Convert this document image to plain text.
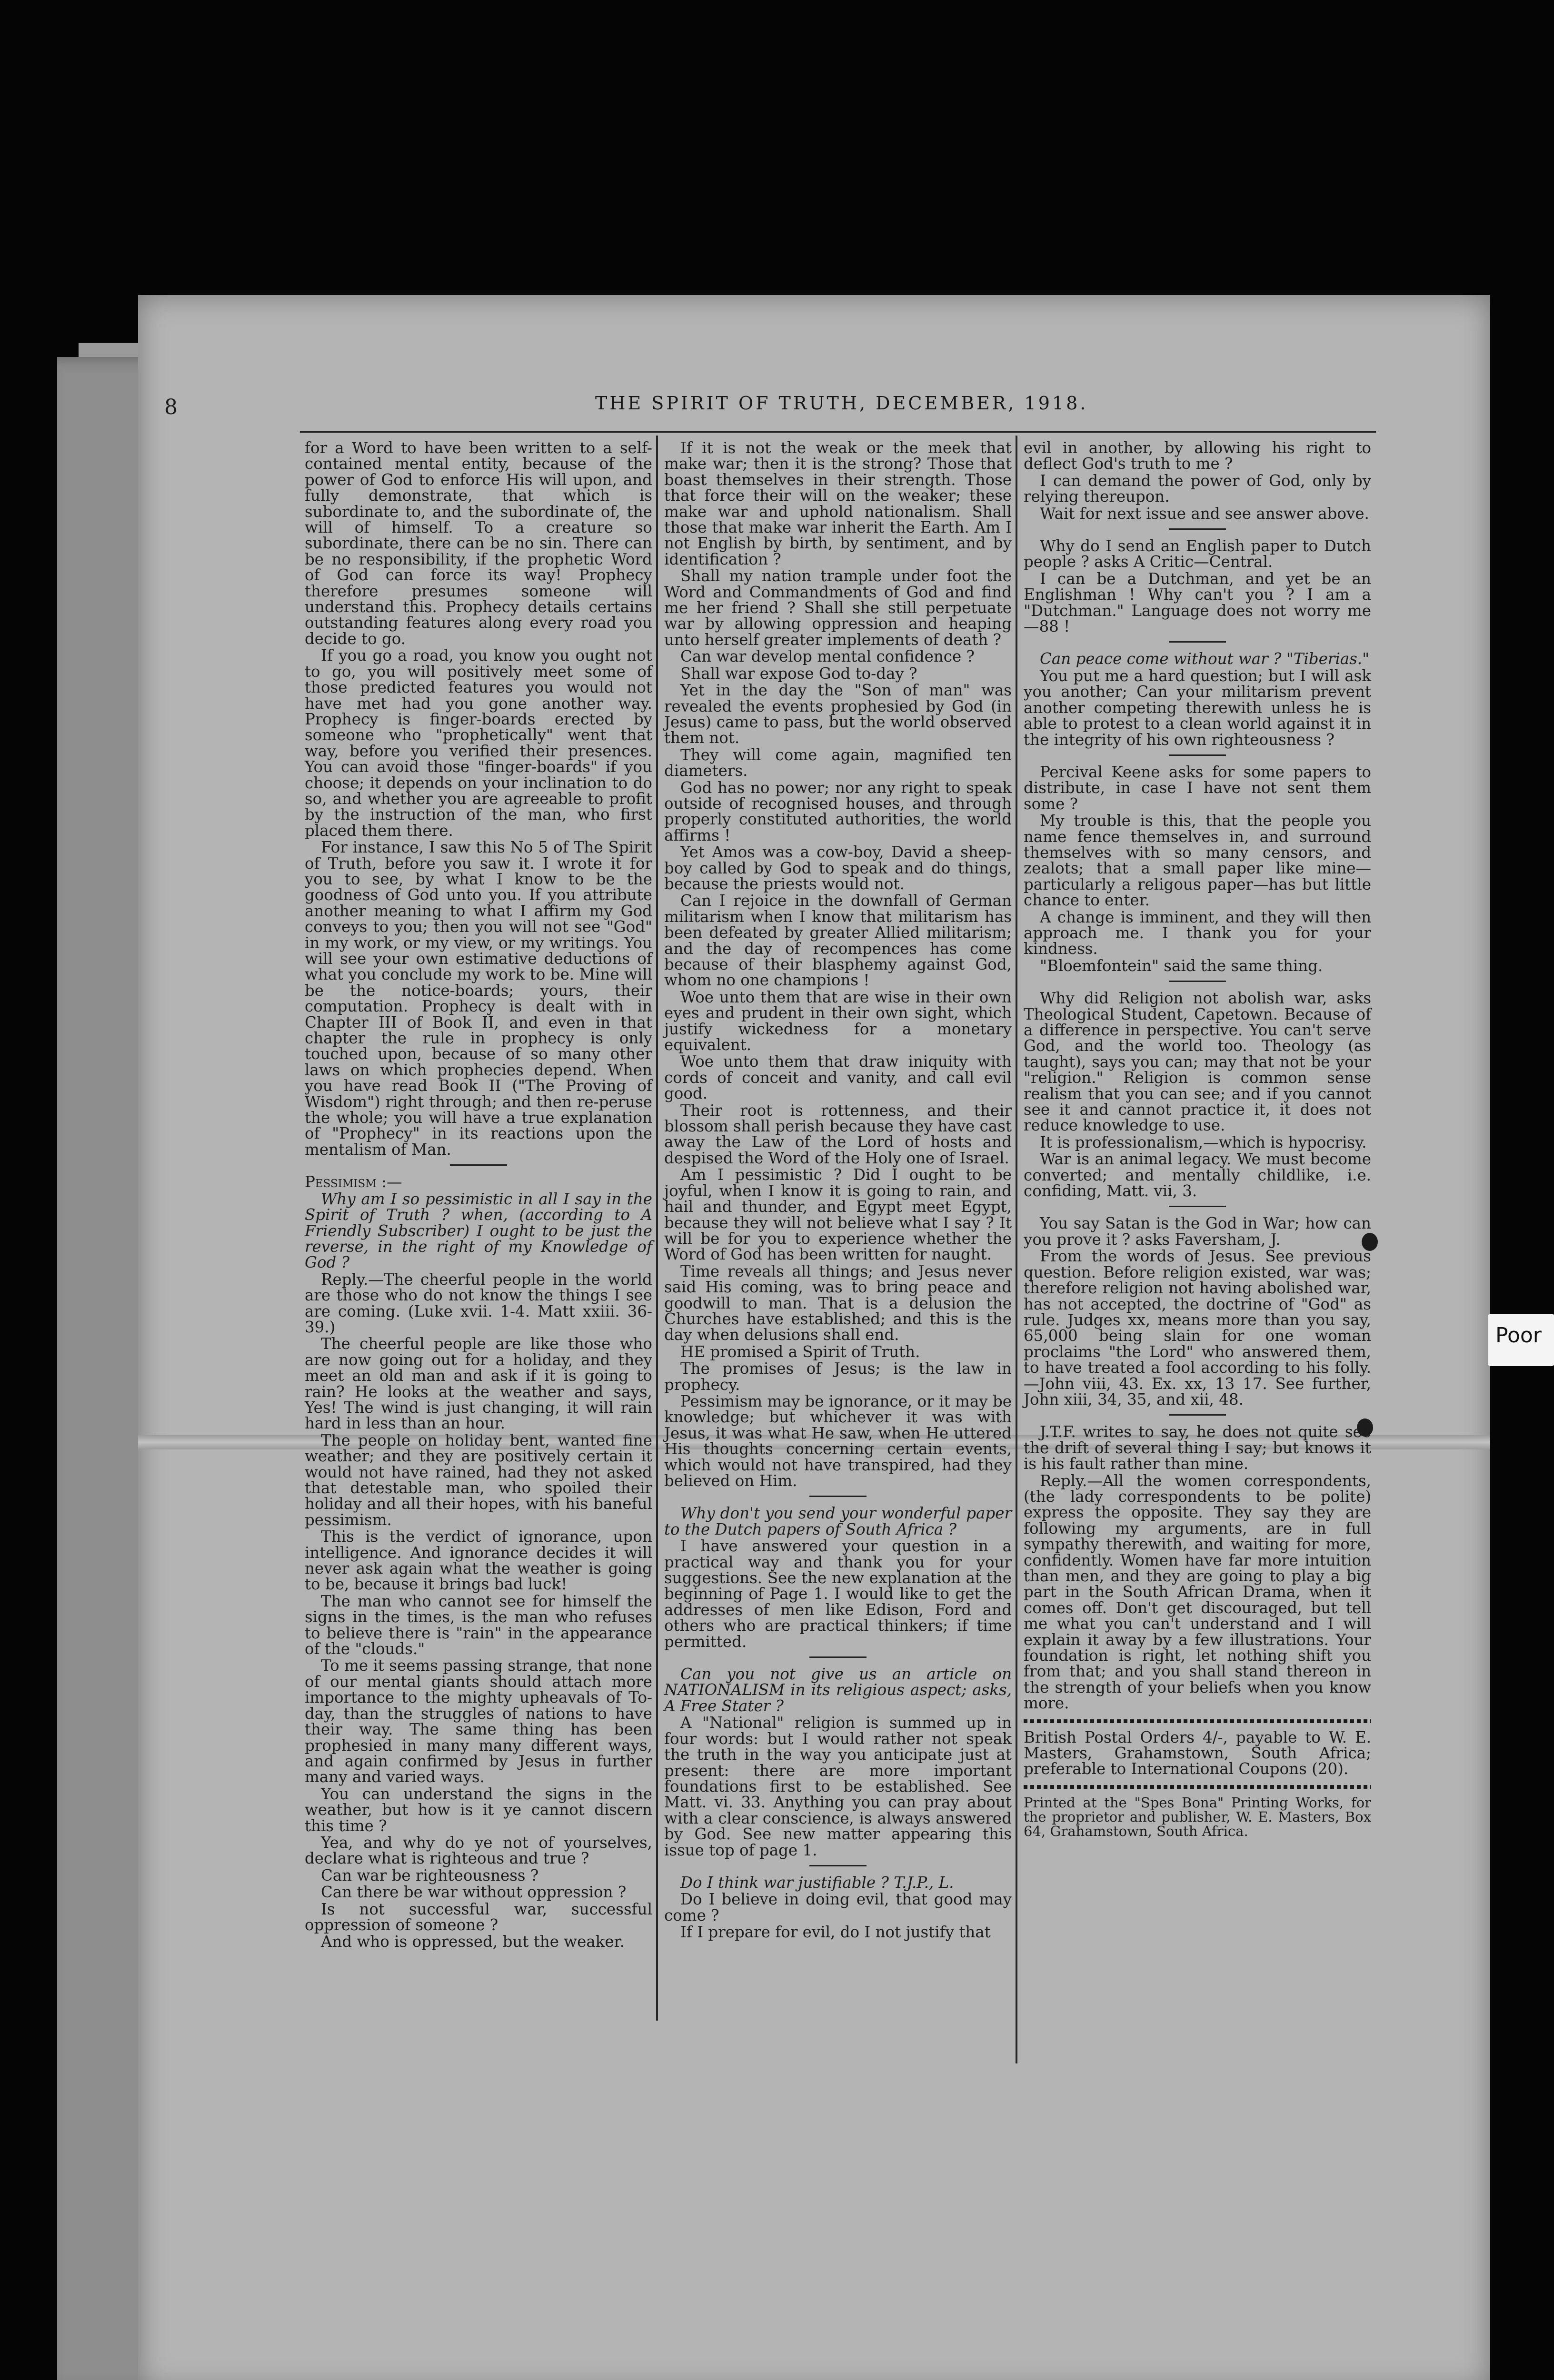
8	THE SPIRIT OF TRUTH, DECEMBER, 1918.

for a Word to have been written to a self-contained mental entity, because of the power of God to enforce His will upon, and fully demonstrate, that which is subordinate to, and the subordinate of, the will of himself. To a creature so subordinate, there can be no sin. There can be no responsibility, if the prophetic Word of God can force its way! Prophecy therefore presumes someone will understand this. Prophecy details certains outstanding features along every road you decide to go.

If you go a road, you know you ought not to go, you will positively meet some of those predicted features you would not have met had you gone another way. Prophecy is finger-boards erected by someone who "prophetically" went that way, before you verified their presences. You can avoid those "finger-boards" if you choose; it depends on your inclination to do so, and whether you are agreeable to profit by the instruction of the man, who first placed them there.

For instance, I saw this No 5 of The Spirit of Truth, before you saw it. I wrote it for you to see, by what I know to be the goodness of God unto you. If you attribute another meaning to what I affirm my God conveys to you; then you will not see "God" in my work, or my view, or my writings. You will see your own estimative deductions of what you conclude my work to be. Mine will be the notice-boards; yours, their computation. Prophecy is dealt with in Chapter III of Book II, and even in that chapter the rule in prophecy is only touched upon, because of so many other laws on which prophecies depend. When you have read Book II ("The Proving of Wisdom") right through; and then re-peruse the whole; you will have a true explanation of "Prophecy" in its reactions upon the mentalism of Man.

Pessimism :—

Why am I so pessimistic in all I say in the Spirit of Truth ? when, (according to A Friendly Subscriber) I ought to be just the reverse, in the right of my Knowledge of God ?

Reply.—The cheerful people in the world are those who do not know the things I see are coming. (Luke xvii. 1-4. Matt xxiii. 36-39.)

The cheerful people are like those who are now going out for a holiday, and they meet an old man and ask if it is going to rain? He looks at the weather and says, Yes! The wind is just changing, it will rain hard in less than an hour.

The people on holiday bent, wanted fine weather; and they are positively certain it would not have rained, had they not asked that detestable man, who spoiled their holiday and all their hopes, with his baneful pessimism.

This is the verdict of ignorance, upon intelligence. And ignorance decides it will never ask again what the weather is going to be, because it brings bad luck!

The man who cannot see for himself the signs in the times, is the man who refuses to believe there is "rain" in the appearance of the "clouds."

To me it seems passing strange, that none of our mental giants should attach more importance to the mighty upheavals of To-day, than the struggles of nations to have their way. The same thing has been prophesied in many many different ways, and again confirmed by Jesus in further many and varied ways.

You can understand the signs in the weather, but how is it ye cannot discern this time ?

Yea, and why do ye not of yourselves, declare what is righteous and true ?

Can war be righteousness ?

Can there be war without oppression ?

Is not successful war, successful oppression of someone ?

And who is oppressed, but the weaker.

If it is not the weak or the meek that make war; then it is the strong? Those that boast themselves in their strength. Those that force their will on the weaker; these make war and uphold nationalism. Shall those that make war inherit the Earth. Am I not English by birth, by sentiment, and by identification ?

Shall my nation trample under foot the Word and Commandments of God and find me her friend ? Shall she still perpetuate war by allowing oppression and heaping unto herself greater implements of death ?

Can war develop mental confidence ?

Shall war expose God to-day ?

Yet in the day the "Son of man" was revealed the events prophesied by God (in Jesus) came to pass, but the world observed them not.

They will come again, magnified ten diameters.

God has no power; nor any right to speak outside of recognised houses, and through properly constituted authorities, the world affirms !

Yet Amos was a cow-boy, David a sheep-boy called by God to speak and do things, because the priests would not.

Can I rejoice in the downfall of German militarism when I know that militarism has been defeated by greater Allied militarism; and the day of recompences has come because of their blasphemy against God, whom no one champions !

Woe unto them that are wise in their own eyes and prudent in their own sight, which justify wickedness for a monetary equivalent.

Woe unto them that draw iniquity with cords of conceit and vanity, and call evil good.

Their root is rottenness, and their blossom shall perish because they have cast away the Law of the Lord of hosts and despised the Word of the Holy one of Israel.

Am I pessimistic ? Did I ought to be joyful, when I know it is going to rain, and hail and thunder, and Egypt meet Egypt, because they will not believe what I say ? It will be for you to experience whether the Word of God has been written for naught.

Time reveals all things; and Jesus never said His coming, was to bring peace and goodwill to man. That is a delusion the Churches have established; and this is the day when delusions shall end.

HE promised a Spirit of Truth.

The promises of Jesus; is the law in prophecy.

Pessimism may be ignorance, or it may be knowledge; but whichever it was with Jesus, it was what He saw, when He uttered His thoughts concerning certain events, which would not have transpired, had they believed on Him.

Why don't you send your wonderful paper to the Dutch papers of South Africa ?

I have answered your question in a practical way and thank you for your suggestions. See the new explanation at the beginning of Page 1. I would like to get the addresses of men like Edison, Ford and others who are practical thinkers; if time permitted.

Can you not give us an article on NATIONALISM in its religious aspect; asks, A Free Stater ?

A "National" religion is summed up in four words: but I would rather not speak the truth in the way you anticipate just at present: there are more important foundations first to be established. See Matt. vi. 33. Anything you can pray about with a clear conscience, is always answered by God. See new matter appearing this issue top of page 1.

Do I think war justifiable ? T.J.P., L.

Do I believe in doing evil, that good may come ?

If I prepare for evil, do I not justify that

evil in another, by allowing his right to deflect God's truth to me ?

I can demand the power of God, only by relying thereupon.

Wait for next issue and see answer above.

Why do I send an English paper to Dutch people ? asks A Critic—Central.

I can be a Dutchman, and yet be an Englishman ! Why can't you ? I am a "Dutchman." Language does not worry me—88 !

Can peace come without war ? "Tiberias."

You put me a hard question; but I will ask you another; Can your militarism prevent another competing therewith unless he is able to protest to a clean world against it in the integrity of his own righteousness ?

Percival Keene asks for some papers to distribute, in case I have not sent them some ?

My trouble is this, that the people you name fence themselves in, and surround themselves with so many censors, and zealots; that a small paper like mine—particularly a religous paper—has but little chance to enter.

A change is imminent, and they will then approach me. I thank you for your kindness.

"Bloemfontein" said the same thing.

Why did Religion not abolish war, asks Theological Student, Capetown. Because of a difference in perspective. You can't serve God, and the world too. Theology (as taught), says you can; may that not be your "religion." Religion is common sense realism that you can see; and if you cannot see it and cannot practice it, it does not reduce knowledge to use.

It is professionalism,—which is hypocrisy.

War is an animal legacy. We must become converted; and mentally childlike, i.e. confiding, Matt. vii, 3.

You say Satan is the God in War; how can you prove it ? asks Faversham, J.

From the words of Jesus. See previous question. Before religion existed, war was; therefore religion not having abolished war, has not accepted, the doctrine of "God" as rule. Judges xx, means more than you say, 65,000 being slain for one woman proclaims "the Lord" who answered them, to have treated a fool according to his folly.—John viii, 43. Ex. xx, 13 17. See further, John xiii, 34, 35, and xii, 48.

J.T.F. writes to say, he does not quite see the drift of several thing I say; but knows it is his fault rather than mine.

Reply.—All the women correspondents, (the lady correspondents to be polite) express the opposite. They say they are following my arguments, are in full sympathy therewith, and waiting for more, confidently. Women have far more intuition than men, and they are going to play a big part in the South African Drama, when it comes off. Don't get discouraged, but tell me what you can't understand and I will explain it away by a few illustrations. Your foundation is right, let nothing shift you from that; and you shall stand thereon in the strength of your beliefs when you know more.

British Postal Orders 4/-, payable to W. E. Masters, Grahamstown, South Africa; preferable to International Coupons (20).

Printed at the "Spes Bona" Printing Works, for the proprietor and publisher, W. E. Masters, Box 64, Grahamstown, South Africa.

Poor
